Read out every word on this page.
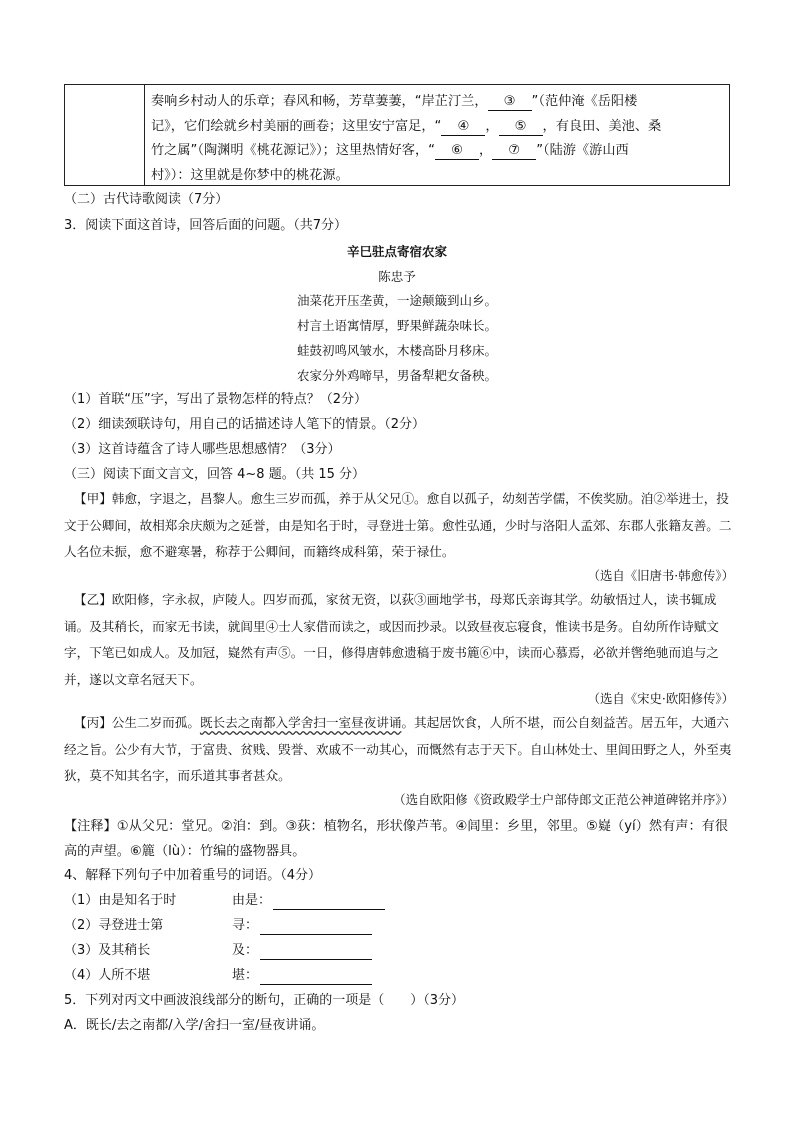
奏响乡村动人的乐章；春风和畅，芳草萋萋，“岸芷汀兰， ③ ”（范仲淹《岳阳楼
记》，它们绘就乡村美丽的画卷；这里安宁富足，“ ④ ， ⑤ ，有良田、美池、桑
竹之属”（陶渊明《桃花源记》）；这里热情好客，“ ⑥ ， ⑦ ”（陆游《游山西
村》）：这里就是你梦中的桃花源。
（二）古代诗歌阅读（7分）
3．阅读下面这首诗，回答后面的问题。（共7分）
辛巳驻点寄宿农家
陈忠予
油菜花开压垄黄，一途颠簸到山乡。
村言土语寓情厚，野果鲜蔬杂味长。
蛙鼓初鸣风皱水，木楼高卧月移床。
农家分外鸡啼早，男备犁耙女备秧。
（1）首联“压”字，写出了景物怎样的特点？（2分）
（2）细读颈联诗句，用自己的话描述诗人笔下的情景。（2分）
（3）这首诗蕴含了诗人哪些思想感情？（3分）
（三）阅读下面文言文，回答 4~8 题。（共 15 分）
【甲】韩愈，字退之，昌黎人。愈生三岁而孤，养于从父兄①。愈自以孤子，幼刻苦学儒，不俟奖励。洎②举进士，投文于公卿间，故相郑余庆颇为之延誉，由是知名于时，寻登进士第。愈性弘通，少时与洛阳人孟郊、东郡人张籍友善。二人名位未振，愈不避寒暑，称荐于公卿间，而籍终成科第，荣于禄仕。
（选自《旧唐书·韩愈传》）
【乙】欧阳修，字永叔，庐陵人。四岁而孤，家贫无资，以荻③画地学书，母郑氏亲诲其学。幼敏悟过人，读书辄成诵。及其稍长，而家无书读，就闾里④士人家借而读之，或因而抄录。以致昼夜忘寝食，惟读书是务。自幼所作诗赋文字，下笔已如成人。及加冠，嶷然有声⑤。一日，修得唐韩愈遗稿于废书簏⑥中，读而心慕焉，必欲并辔绝驰而追与之并，遂以文章名冠天下。
（选自《宋史·欧阳修传》）
【丙】公生二岁而孤。既长去之南都入学舍扫一室昼夜讲诵。其起居饮食，人所不堪，而公自刻益苦。居五年，大通六经之旨。公少有大节，于富贵、贫贱、毁誉、欢戚不一动其心，而慨然有志于天下。自山林处士、里闾田野之人，外至夷狄，莫不知其名字，而乐道其事者甚众。
（选自欧阳修《资政殿学士户部侍郎文正范公神道碑铭并序》）
【注释】①从父兄：堂兄。②洎：到。③荻：植物名，形状像芦苇。④闾里：乡里，邻里。⑤嶷（yí）然有声：有很高的声望。⑥簏（lù）：竹编的盛物器具。
4、解释下列句子中加着重号的词语。（4分）
（1）由是知名于时	由是：
（2）寻登进士第	寻：
（3）及其稍长	及：
（4）人所不堪	堪：
5．下列对丙文中画波浪线部分的断句，正确的一项是（　　）（3分）
A．既长/去之南都/入学/舍扫一室/昼夜讲诵。
